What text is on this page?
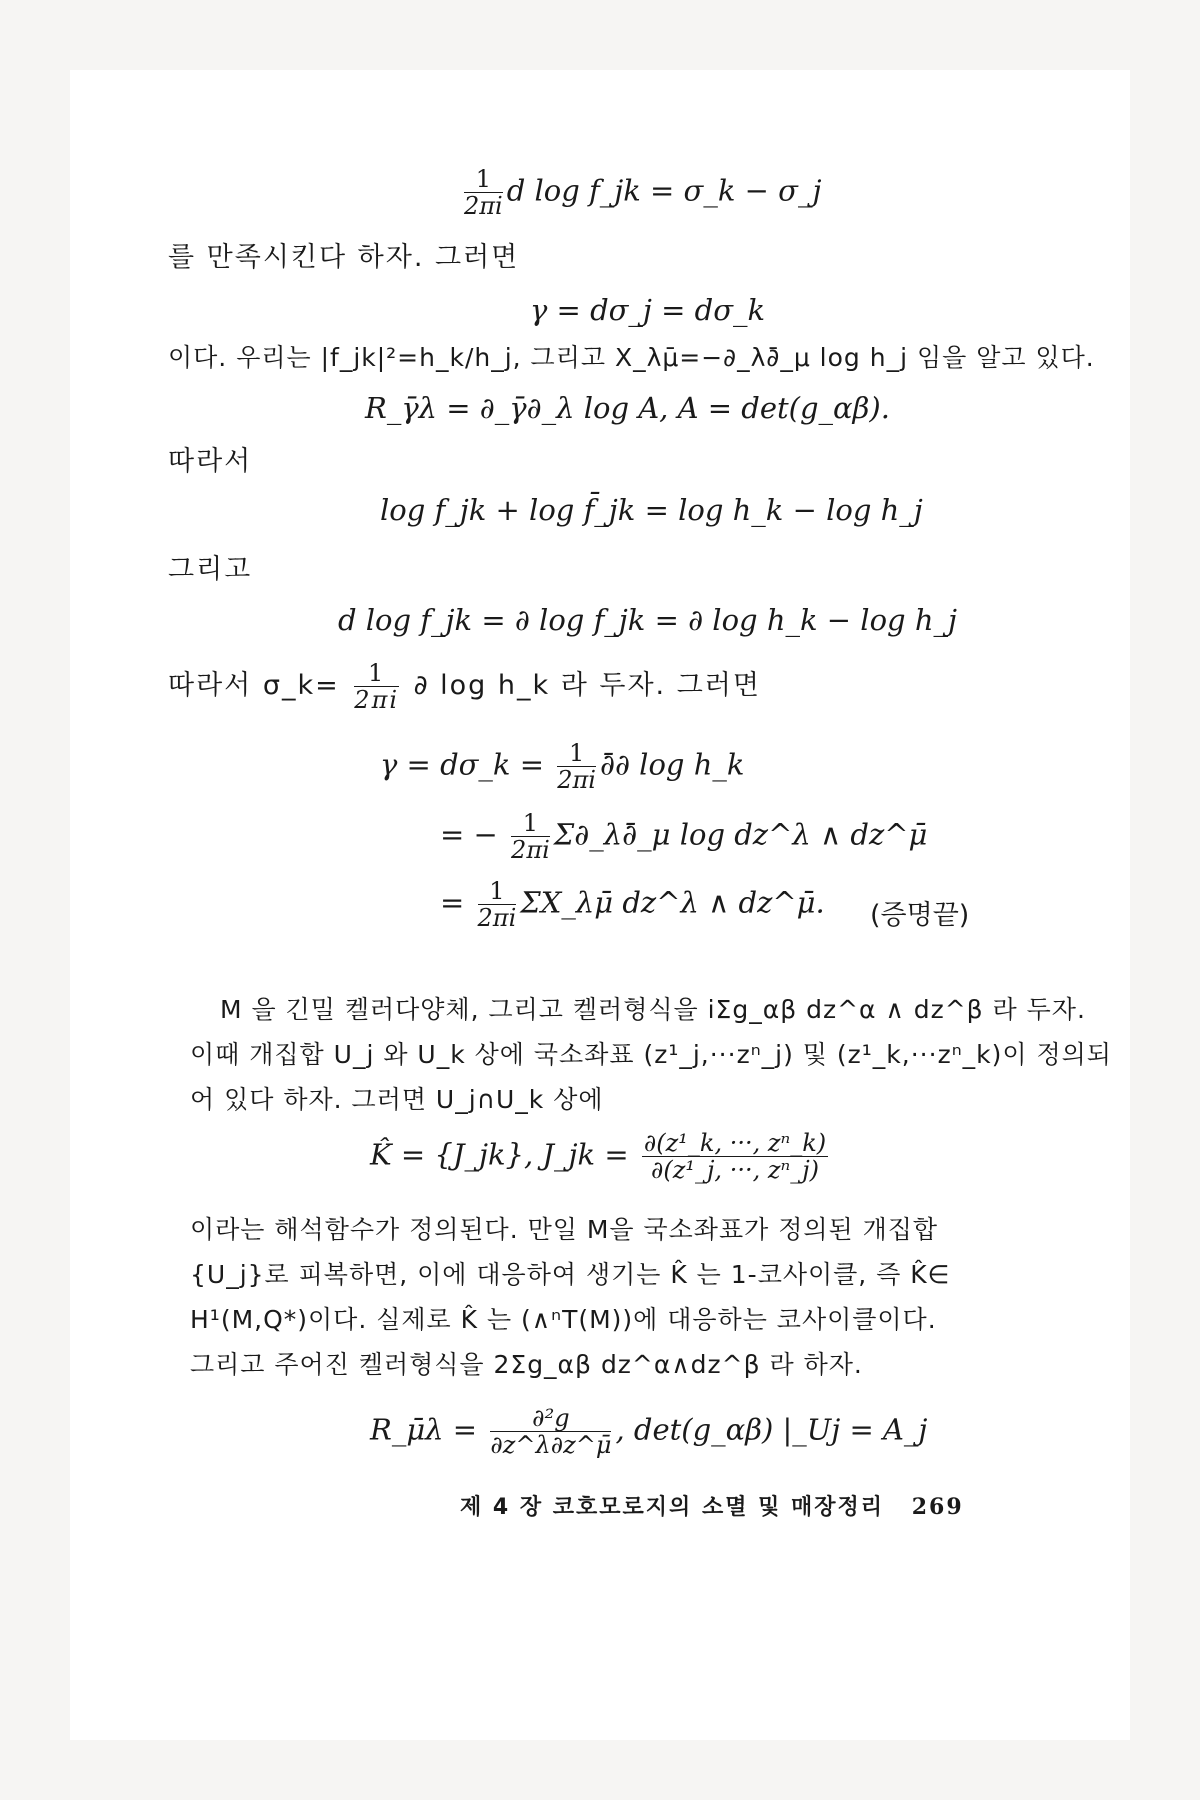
$\frac{1}{2\pi i}$ d log f_jk = σ_k − σ_j
를 만족시킨다 하자. 그러면
γ = dσ_j = dσ_k
이다. 우리는 |f_jk|²=h_k/h_j, 그리고 X_λμ̄=−∂_λ∂̄_μ log h_j 임을 알고 있다.
R_γ̄λ = ∂_γ̄∂_λ log A, A = det(g_αβ).
따라서
log f_jk + log f̄_jk = log h_k − log h_j
그리고
d log f_jk = ∂ log f_jk = ∂ log h_k − log h_j
따라서 σ_k= $\frac{1}{2\pi i}$ ∂ log h_k 라 두자. 그러면
γ = dσ_k = $\frac{1}{2\pi i}$ ∂̄∂ log h_k
= − $\frac{1}{2\pi i}$ Σ∂_λ∂̄_μ log dz^λ ∧ dz^μ̄
= $\frac{1}{2\pi i}$ ΣX_λμ̄ dz^λ ∧ dz^μ̄. (증명끝)
M 을 긴밀 켈러다양체, 그리고 켈러형식을 iΣg_αβ dz^α ∧ dz^β 라 두자.
이때 개집합 U_j 와 U_k 상에 국소좌표 (z¹_j,···zⁿ_j) 및 (z¹_k,···zⁿ_k)이 정의되
어 있다 하자. 그러면 U_j∩U_k 상에
K̂ = {J_jk}, J_jk = $\frac{\text{∂(z¹\_k, ···, zⁿ\_k)}}{\text{∂(z¹\_j, ···, zⁿ\_j)}}$
이라는 해석함수가 정의된다. 만일 M을 국소좌표가 정의된 개집합
{U_j}로 피복하면, 이에 대응하여 생기는 K̂ 는 1-코사이클, 즉 K̂∈
H¹(M,Q*)이다. 실제로 K̂ 는 (∧ⁿT(M))에 대응하는 코사이클이다.
그리고 주어진 켈러형식을 2Σg_αβ dz^α∧dz^β 라 하자.
R_μ̄λ = $\frac{\text{∂²g}}{\partial z\^{}\lambda\partial z\^{}\mū}$ , det(g_αβ) |_Uj = A_j
제 4 장 코호모로지의 소멸 및 매장정리 269
